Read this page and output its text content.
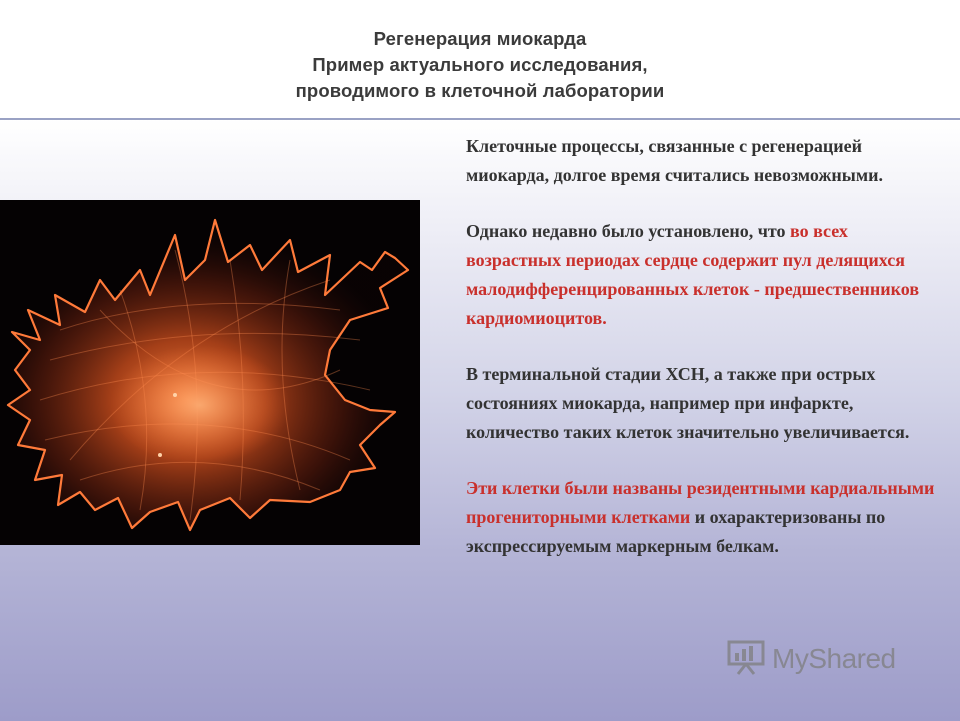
Регенерация миокарда
Пример актуального исследования,
проводимого в клеточной лаборатории

Клеточные процессы, связанные с регенерацией миокарда, долгое время считались невозможными.

Однако недавно было установлено, что во всех возрастных периодах сердце содержит пул делящихся малодифференцированных клеток - предшественников кардиомиоцитов.

В терминальной стадии ХСН, а также при острых состояниях миокарда, например при инфаркте, количество таких клеток значительно увеличивается.

Эти клетки были названы резидентными кардиальными прогениторными клетками и охарактеризованы по экспрессируемым маркерным белкам.

MyShared
